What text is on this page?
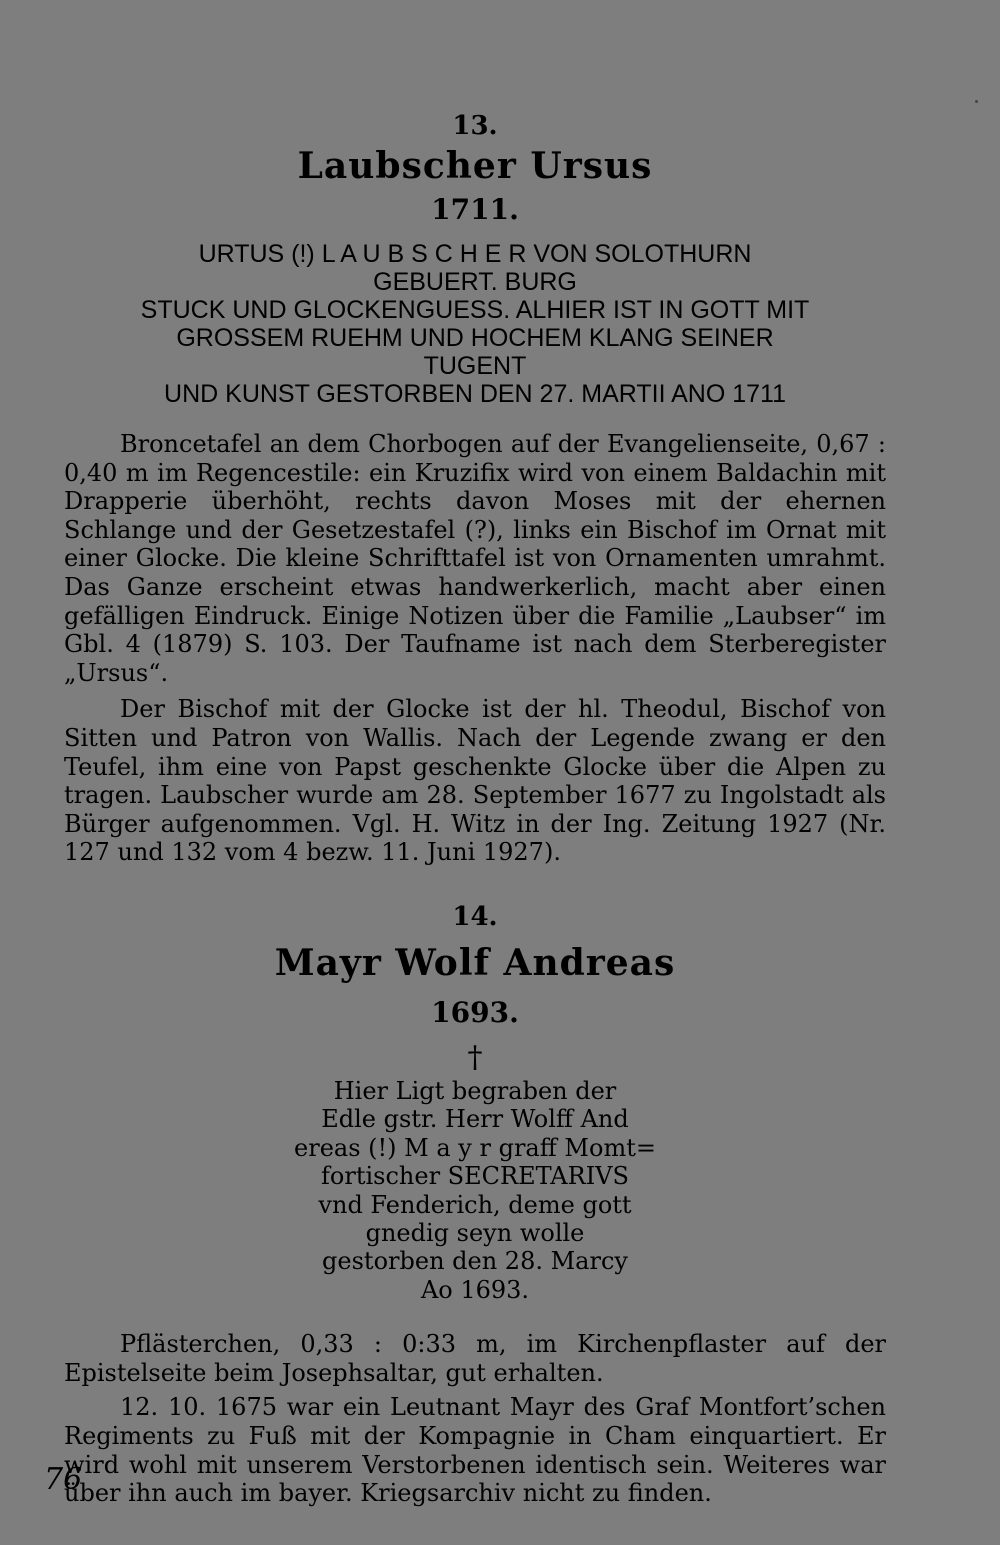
13.
Laubscher Ursus
1711.
URTUS (!) L A U B S C H E R VON SOLOTHURN
GEBUERT. BURG
STUCK UND GLOCKENGUESS. ALHIER IST IN GOTT MIT
GROSSEM RUEHM UND HOCHEM KLANG SEINER
TUGENT
UND KUNST GESTORBEN DEN 27. MARTII ANO 1711

Broncetafel an dem Chorbogen auf der Evangelienseite, 0,67 : 0,40 m im Regencestile: ein Kruzifix wird von einem Baldachin mit Drapperie überhöht, rechts davon Moses mit der ehernen Schlange und der Gesetzestafel (?), links ein Bischof im Ornat mit einer Glocke. Die kleine Schrifttafel ist von Ornamenten umrahmt. Das Ganze erscheint etwas handwerkerlich, macht aber einen gefälligen Eindruck. Einige Notizen über die Familie „Laubser“ im Gbl. 4 (1879) S. 103. Der Taufname ist nach dem Sterberegister „Ursus“.

Der Bischof mit der Glocke ist der hl. Theodul, Bischof von Sitten und Patron von Wallis. Nach der Legende zwang er den Teufel, ihm eine von Papst geschenkte Glocke über die Alpen zu tragen. Laubscher wurde am 28. September 1677 zu Ingolstadt als Bürger aufgenommen. Vgl. H. Witz in der Ing. Zeitung 1927 (Nr. 127 und 132 vom 4 bezw. 11. Juni 1927).

14.
Mayr Wolf Andreas
1693.
†
Hier Ligt begraben der
Edle gstr. Herr Wolff And
ereas (!) M a y r graff Momt=
fortischer SECRETARIVS
vnd Fenderich, deme gott
gnedig seyn wolle
gestorben den 28. Marcy
Ao 1693.

Pflästerchen, 0,33 : 0:33 m, im Kirchenpflaster auf der Epistelseite beim Josephsaltar, gut erhalten.

12. 10. 1675 war ein Leutnant Mayr des Graf Montfort’schen Regiments zu Fuß mit der Kompagnie in Cham einquartiert. Er wird wohl mit unserem Verstorbenen identisch sein. Weiteres war über ihn auch im bayer. Kriegsarchiv nicht zu finden.

76
